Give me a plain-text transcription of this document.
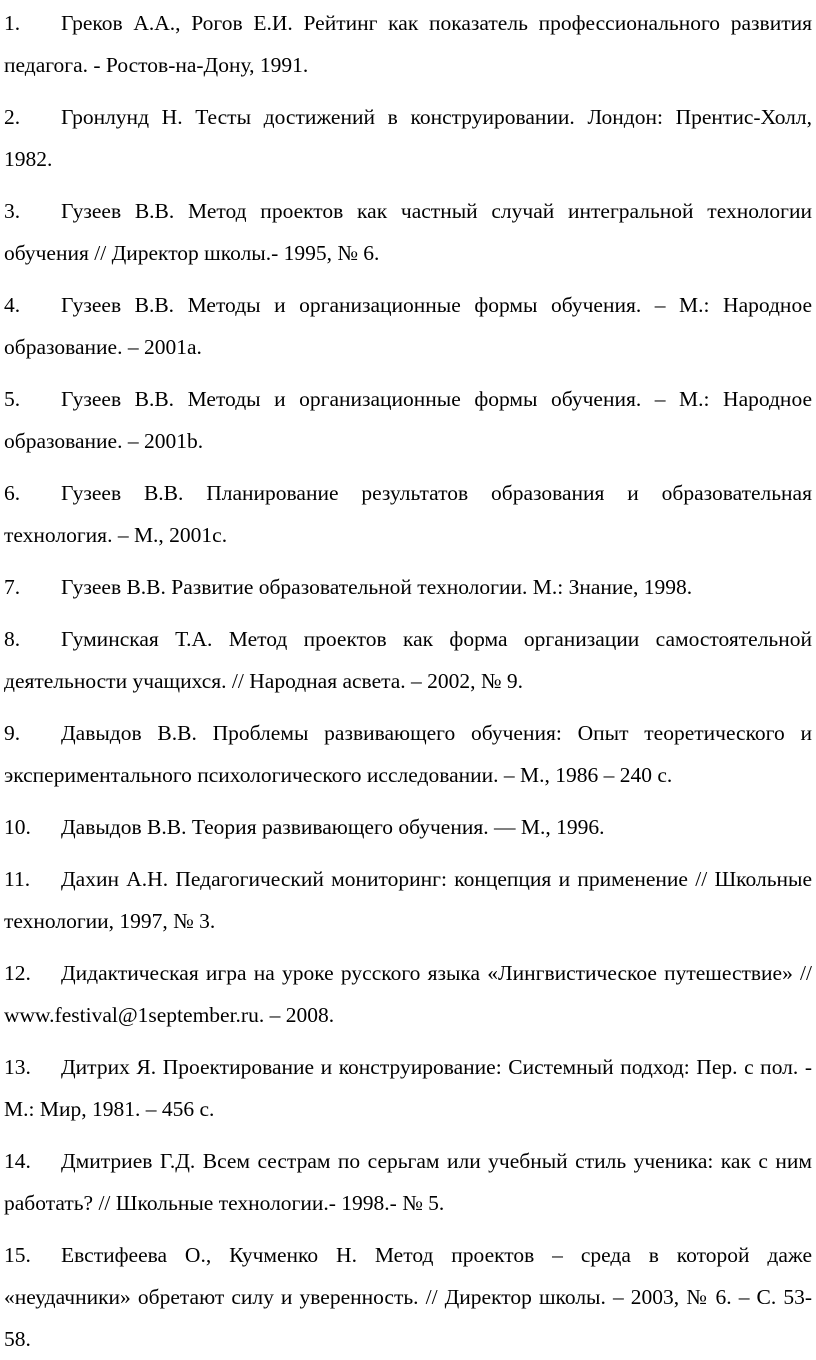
1. Греков А.А., Рогов Е.И. Рейтинг как показатель профессионального развития педагога. - Ростов-на-Дону, 1991.
2. Гронлунд Н. Тесты достижений в конструировании. Лондон: Прентис-Холл, 1982.
3. Гузеев В.В. Метод проектов как частный случай интегральной технологии обучения // Директор школы.- 1995, № 6.
4. Гузеев В.В. Методы и организационные формы обучения. – М.: Народное образование. – 2001a.
5. Гузеев В.В. Методы и организационные формы обучения. – М.: Народное образование. – 2001b.
6. Гузеев В.В. Планирование результатов образования и образовательная технология. – М., 2001c.
7. Гузеев В.В. Развитие образовательной технологии. М.: Знание, 1998.
8. Гуминская Т.А. Метод проектов как форма организации самостоятельной деятельности учащихся. // Народная асвета. – 2002, № 9.
9. Давыдов В.В. Проблемы развивающего обучения: Опыт теоретического и экспериментального психологического исследовании. – М., 1986 – 240 с.
10. Давыдов В.В. Теория развивающего обучения. — М., 1996.
11. Дахин А.Н. Педагогический мониторинг: концепция и применение // Школьные технологии, 1997, № 3.
12. Дидактическая игра на уроке русского языка «Лингвистическое путешествие» // www.festival@1september.ru. – 2008.
13. Дитрих Я. Проектирование и конструирование: Системный подход: Пер. с пол. - М.: Мир, 1981. – 456 с.
14. Дмитриев Г.Д. Всем сестрам по серьгам или учебный стиль ученика: как с ним работать? // Школьные технологии.- 1998.- № 5.
15. Евстифеева О., Кучменко Н. Метод проектов – среда в которой даже «неудачники» обретают силу и уверенность. // Директор школы. – 2003, № 6. – С. 53-58.
